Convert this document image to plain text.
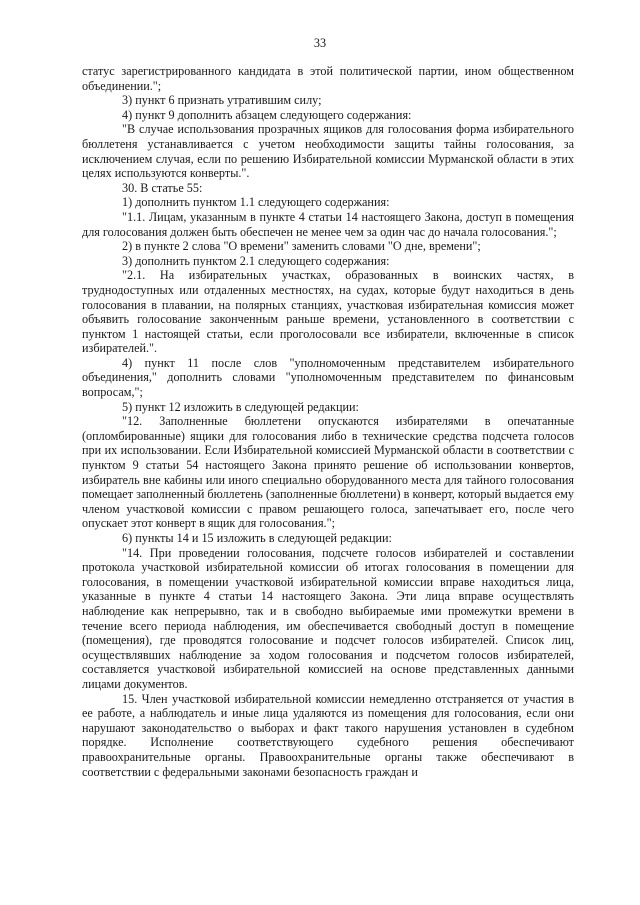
33

статус зарегистрированного кандидата в этой политической партии, ином общественном объединении.";

3) пункт 6 признать утратившим силу;

4) пункт 9 дополнить абзацем следующего содержания:

"В случае использования прозрачных ящиков для голосования форма избирательного бюллетеня устанавливается с учетом необходимости защиты тайны голосования, за исключением случая, если по решению Избирательной комиссии Мурманской области в этих целях используются конверты.".

30. В статье 55:

1) дополнить пунктом 1.1 следующего содержания:

"1.1. Лицам, указанным в пункте 4 статьи 14 настоящего Закона, доступ в помещения для голосования должен быть обеспечен не менее чем за один час до начала голосования.";

2) в пункте 2 слова "О времени" заменить словами "О дне, времени";

3) дополнить пунктом 2.1 следующего содержания:

"2.1. На избирательных участках, образованных в воинских частях, в труднодоступных или отдаленных местностях, на судах, которые будут находиться в день голосования в плавании, на полярных станциях, участковая избирательная комиссия может объявить голосование законченным раньше времени, установленного в соответствии с пунктом 1 настоящей статьи, если проголосовали все избиратели, включенные в список избирателей.".

4) пункт 11 после слов "уполномоченным представителем избирательного объединения," дополнить словами "уполномоченным представителем по финансовым вопросам,";

5) пункт 12 изложить в следующей редакции:

"12. Заполненные бюллетени опускаются избирателями в опечатанные (опломбированные) ящики для голосования либо в технические средства подсчета голосов при их использовании. Если Избирательной комиссией Мурманской области в соответствии с пунктом 9 статьи 54 настоящего Закона принято решение об использовании конвертов, избиратель вне кабины или иного специально оборудованного места для тайного голосования помещает заполненный бюллетень (заполненные бюллетени) в конверт, который выдается ему членом участковой комиссии с правом решающего голоса, запечатывает его, после чего опускает этот конверт в ящик для голосования.";

6) пункты 14 и 15 изложить в следующей редакции:

"14. При проведении голосования, подсчете голосов избирателей и составлении протокола участковой избирательной комиссии об итогах голосования в помещении для голосования, в помещении участковой избирательной комиссии вправе находиться лица, указанные в пункте 4 статьи 14 настоящего Закона. Эти лица вправе осуществлять наблюдение как непрерывно, так и в свободно выбираемые ими промежутки времени в течение всего периода наблюдения, им обеспечивается свободный доступ в помещение (помещения), где проводятся голосование и подсчет голосов избирателей. Список лиц, осуществлявших наблюдение за ходом голосования и подсчетом голосов избирателей, составляется участковой избирательной комиссией на основе представленных данными лицами документов.

15. Член участковой избирательной комиссии немедленно отстраняется от участия в ее работе, а наблюдатель и иные лица удаляются из помещения для голосования, если они нарушают законодательство о выборах и факт такого нарушения установлен в судебном порядке. Исполнение соответствующего судебного решения обеспечивают правоохранительные органы. Правоохранительные органы также обеспечивают в соответствии с федеральными законами безопасность граждан и
